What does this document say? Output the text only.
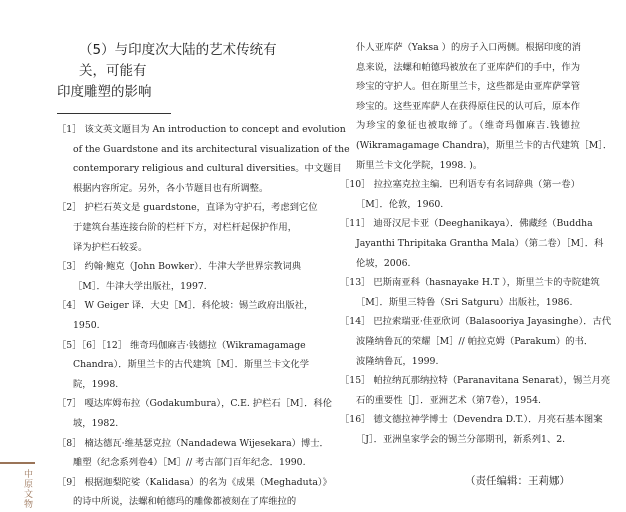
（5）与印度次大陆的艺术传统有关，可能有
印度雕塑的影响
［1］ 该文英文题目为 An introduction to concept and evolution
of the Guardstone and its architectural visualization of the
contemporary religious and cultural diversities。中文题目
根据内容所定。另外，各小节题目也有所调整。
［2］ 护栏石英文是 guardstone，直译为守护石，考虑到它位
于建筑台基连接台阶的栏杆下方，对栏杆起保护作用，
译为护栏石较妥。
［3］ 约翰·鲍克（John Bowker）．牛津大学世界宗教词典
［M］．牛津大学出版社，1997.
［4］ W Geiger 译．大史［M］．科伦坡：锡兰政府出版社，
1950.
［5］［6］［12］ 维奇玛伽麻吉·钱德拉（Wikramagamage
Chandra）．斯里兰卡的古代建筑［M］．斯里兰卡文化学
院，1998.
［7］ 嘎达库姆布拉（Godakumbura），C.E. 护栏石［M］．科伦
坡，1982.
［8］ 楠达德瓦·维基瑟克拉（Nandadewa Wijesekara）博士．
雕塑（纪念系列卷4）［M］// 考古部门百年纪念．1990.
［9］ 根据迦梨陀娑（Kalidasa）的名为《成果（Meghaduta）》
的诗中所说，法螺和帕德玛的雕像都被刻在了库维拉的
仆人亚库萨（Yaksa ）的房子入口两侧。根据印度的消
息来说，法螺和帕德玛被放在了亚库萨们的手中，作为
珍宝的守护人。但在斯里兰卡，这些都是由亚库萨掌管
珍宝的。这些亚库萨人在获得原住民的认可后，原本作
为珍宝的象征也被取缔了。（维奇玛伽麻吉.钱德拉
(Wikramagamage Chandra)，斯里兰卡的古代建筑［M］．
斯里兰卡文化学院，1998. )。
［10］ 拉拉塞克拉主编．巴利语专有名词辞典（第一卷）
［M］．伦敦，1960.
［11］ 迪哥汉尼卡亚（Deeghanikaya）．佛藏经（Buddha
Jayanthi Thripitaka Grantha Mala）（第二卷）［M］．科
伦坡，2006.
［13］ 巴斯南亚科（hasnayake H.T ），斯里兰卡的寺院建筑
［M］．斯里三特鲁（Sri Satguru）出版社，1986.
［14］ 巴拉索瑞亚·佳亚欣诃（Balasooriya Jayasinghe）．古代
波隆纳鲁瓦的荣耀［M］// 帕拉克姆（Parakum）的书．
波隆纳鲁瓦，1999.
［15］ 帕拉纳瓦那纳拉特（Paranavitana Senarat），锡兰月亮
石的重要性［J］．亚洲艺术（第7卷），1954.
［16］ 德文德拉神学博士（Devendra D.T.）．月亮石基本图案
［J］．亚洲皇家学会的锡兰分部期刊，新系列1、2.
（责任编辑：王莉娜）
中原文物
